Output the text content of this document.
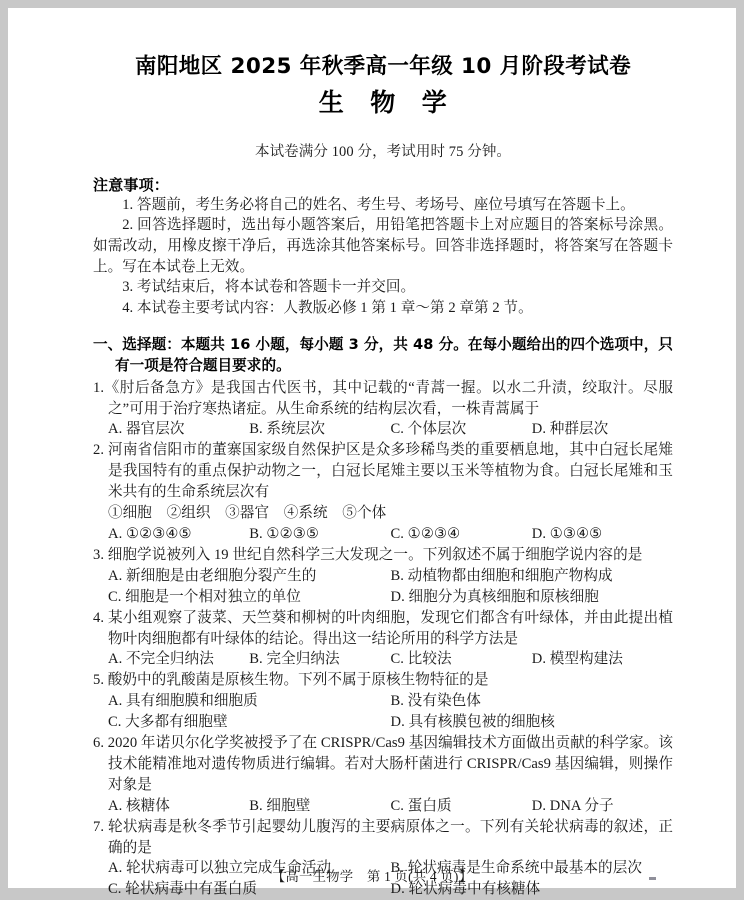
南阳地区 2025 年秋季高一年级 10 月阶段考试卷
生 物 学
本试卷满分 100 分，考试用时 75 分钟。
注意事项：

1. 答题前，考生务必将自己的姓名、考生号、考场号、座位号填写在答题卡上。

2. 回答选择题时，选出每小题答案后，用铅笔把答题卡上对应题目的答案标号涂黑。如需改动，用橡皮擦干净后，再选涂其他答案标号。回答非选择题时，将答案写在答题卡上。写在本试卷上无效。

3. 考试结束后，将本试卷和答题卡一并交回。

4. 本试卷主要考试内容：人教版必修 1 第 1 章～第 2 章第 2 节。

一、选择题：本题共 16 小题，每小题 3 分，共 48 分。在每小题给出的四个选项中，只有一项是符合题目要求的。

1.《肘后备急方》是我国古代医书，其中记载的“青蒿一握。以水二升渍，绞取汁。尽服之”可用于治疗寒热诸症。从生命系统的结构层次看，一株青蒿属于

A. 器官层次	B. 系统层次	C. 个体层次	D. 种群层次

2. 河南省信阳市的董寨国家级自然保护区是众多珍稀鸟类的重要栖息地，其中白冠长尾雉是我国特有的重点保护动物之一，白冠长尾雉主要以玉米等植物为食。白冠长尾雉和玉米共有的生命系统层次有

①细胞　②组织　③器官　④系统　⑤个体

A. ①②③④⑤	B. ①②③⑤	C. ①②③④	D. ①③④⑤

3. 细胞学说被列入 19 世纪自然科学三大发现之一。下列叙述不属于细胞学说内容的是

A. 新细胞是由老细胞分裂产生的	B. 动植物都由细胞和细胞产物构成
C. 细胞是一个相对独立的单位	D. 细胞分为真核细胞和原核细胞

4. 某小组观察了菠菜、天竺葵和柳树的叶肉细胞，发现它们都含有叶绿体，并由此提出植物叶肉细胞都有叶绿体的结论。得出这一结论所用的科学方法是

A. 不完全归纳法	B. 完全归纳法	C. 比较法	D. 模型构建法

5. 酸奶中的乳酸菌是原核生物。下列不属于原核生物特征的是

A. 具有细胞膜和细胞质	B. 没有染色体
C. 大多都有细胞壁	D. 具有核膜包被的细胞核

6. 2020 年诺贝尔化学奖被授予了在 CRISPR/Cas9 基因编辑技术方面做出贡献的科学家。该技术能精准地对遗传物质进行编辑。若对大肠杆菌进行 CRISPR/Cas9 基因编辑，则操作对象是

A. 核糖体	B. 细胞壁	C. 蛋白质	D. DNA 分子

7. 轮状病毒是秋冬季节引起婴幼儿腹泻的主要病原体之一。下列有关轮状病毒的叙述，正确的是

A. 轮状病毒可以独立完成生命活动	B. 轮状病毒是生命系统中最基本的层次
C. 轮状病毒中有蛋白质	D. 轮状病毒中有核糖体
【高一生物学　第 1 页(共 4 页)】
